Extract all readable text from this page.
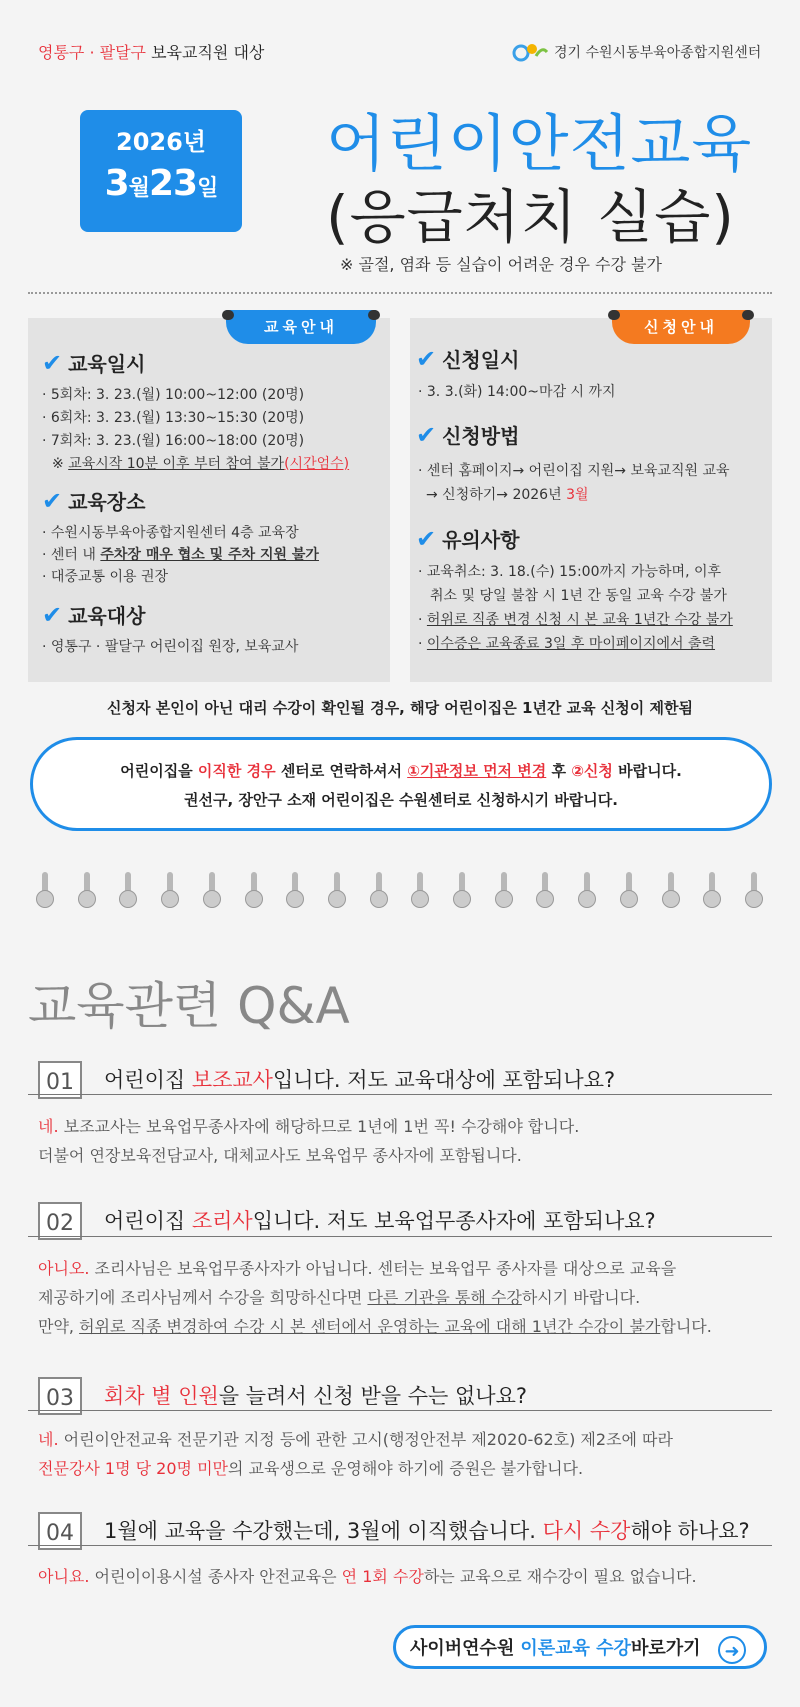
영통구 · 팔달구 보육교직원 대상	경기 수원시동부육아종합지원센터
2026년
3월23일
어린이안전교육
(응급처치 실습)
※ 골절, 염좌 등 실습이 어려운 경우 수강 불가
교육안내
✔ 교육일시
· 5회차: 3. 23.(월) 10:00~12:00 (20명)
· 6회차: 3. 23.(월) 13:30~15:30 (20명)
· 7회차: 3. 23.(월) 16:00~18:00 (20명)
※ 교육시작 10분 이후 부터 참여 불가(시간엄수)
✔ 교육장소
· 수원시동부육아종합지원센터 4층 교육장
· 센터 내 주차장 매우 협소 및 주차 지원 불가
· 대중교통 이용 권장
✔ 교육대상
· 영통구 · 팔달구 어린이집 원장, 보육교사
신청안내
✔ 신청일시
· 3. 3.(화) 14:00~마감 시 까지
✔ 신청방법
· 센터 홈페이지→ 어린이집 지원→ 보육교직원 교육
→ 신청하기→ 2026년 3월
✔ 유의사항
· 교육취소: 3. 18.(수) 15:00까지 가능하며, 이후
취소 및 당일 불참 시 1년 간 동일 교육 수강 불가
· 허위로 직종 변경 신청 시 본 교육 1년간 수강 불가
· 이수증은 교육종료 3일 후 마이페이지에서 출력
신청자 본인이 아닌 대리 수강이 확인될 경우, 해당 어린이집은 1년간 교육 신청이 제한됨
어린이집을 이직한 경우 센터로 연락하셔서 ①기관정보 먼저 변경 후 ②신청 바랍니다.
권선구, 장안구 소재 어린이집은 수원센터로 신청하시기 바랍니다.
교육관련 Q&A
01	어린이집 보조교사입니다. 저도 교육대상에 포함되나요?
네. 보조교사는 보육업무종사자에 해당하므로 1년에 1번 꼭! 수강해야 합니다.
더불어 연장보육전담교사, 대체교사도 보육업무 종사자에 포함됩니다.
02	어린이집 조리사입니다. 저도 보육업무종사자에 포함되나요?
아니오. 조리사님은 보육업무종사자가 아닙니다. 센터는 보육업무 종사자를 대상으로 교육을
제공하기에 조리사님께서 수강을 희망하신다면 다른 기관을 통해 수강하시기 바랍니다.
만약, 허위로 직종 변경하여 수강 시 본 센터에서 운영하는 교육에 대해 1년간 수강이 불가합니다.
03	회차 별 인원을 늘려서 신청 받을 수는 없나요?
네. 어린이안전교육 전문기관 지정 등에 관한 고시(행정안전부 제2020-62호) 제2조에 따라
전문강사 1명 당 20명 미만의 교육생으로 운영해야 하기에 증원은 불가합니다.
04	1월에 교육을 수강했는데, 3월에 이직했습니다. 다시 수강해야 하나요?
아니요. 어린이이용시설 종사자 안전교육은 연 1회 수강하는 교육으로 재수강이 필요 없습니다.
사이버연수원 이론교육 수강 바로가기	➜
